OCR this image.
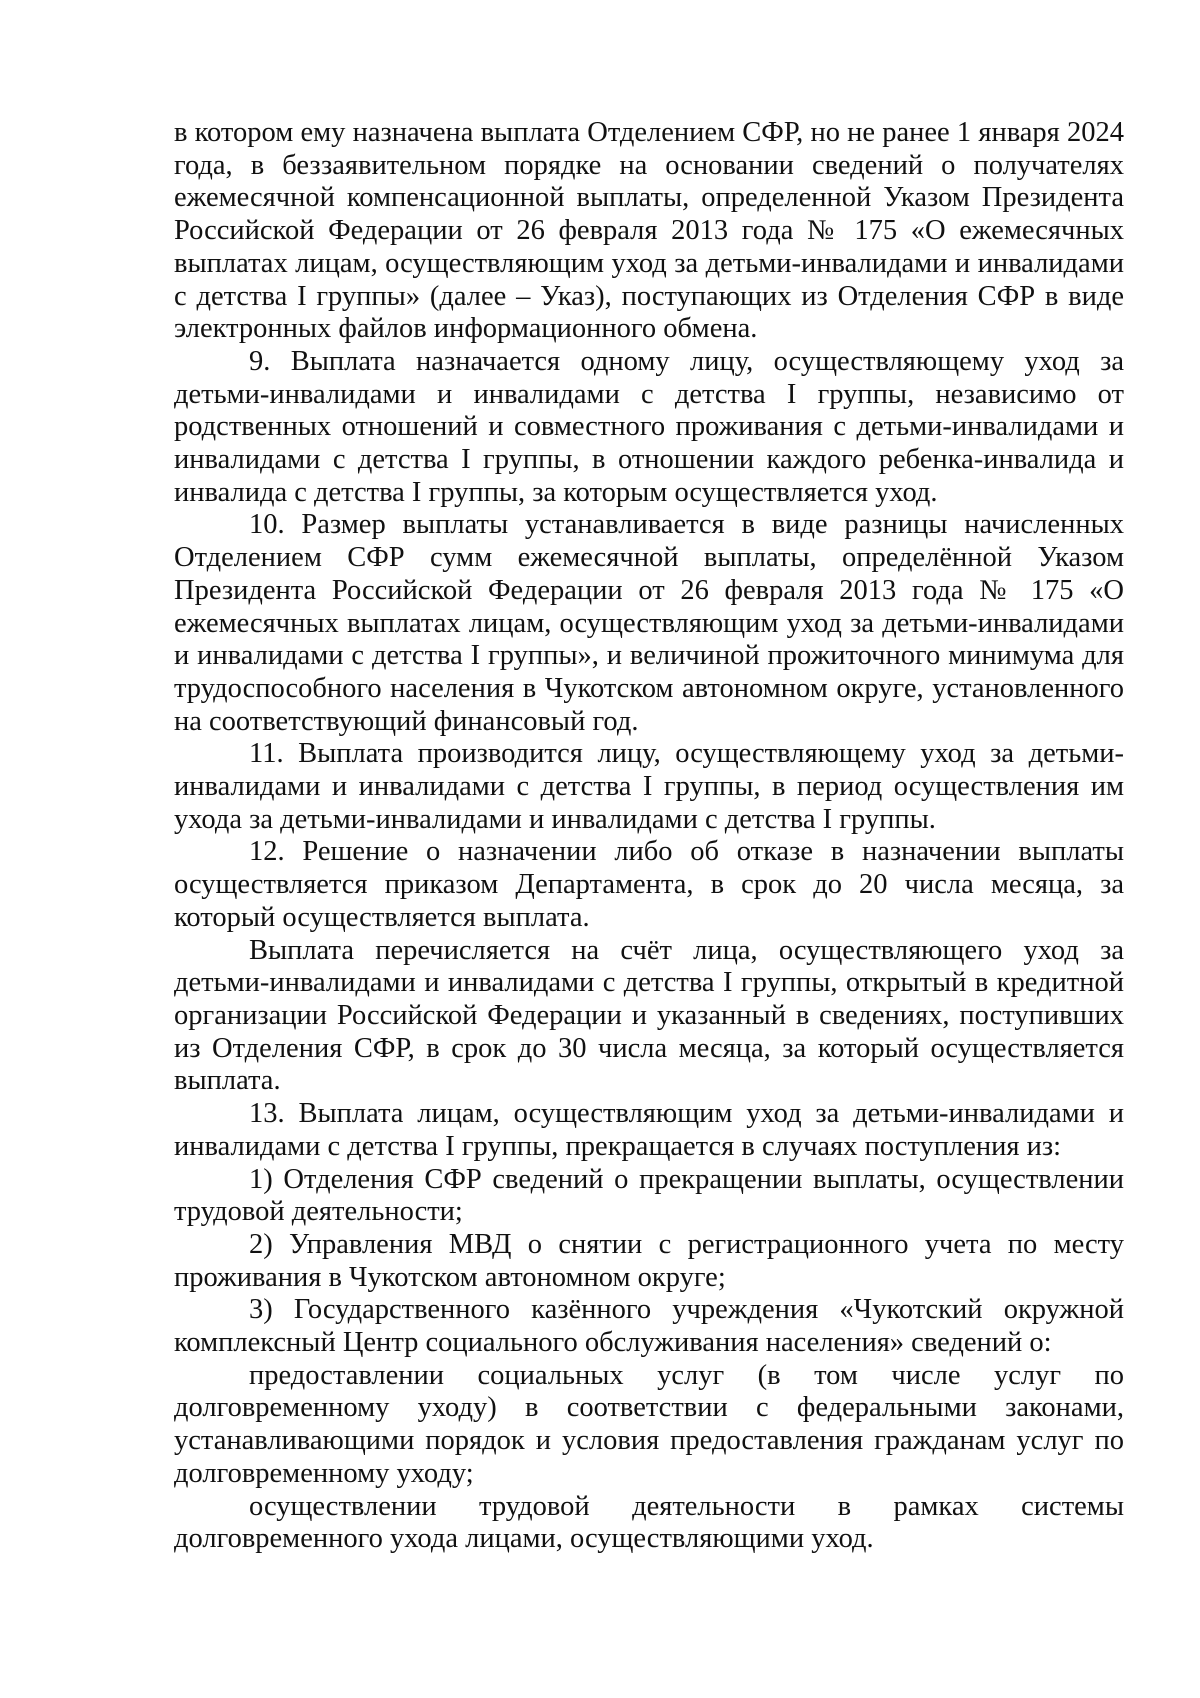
в котором ему назначена выплата Отделением СФР, но не ранее 1 января 2024 года, в беззаявительном порядке на основании сведений о получателях ежемесячной компенсационной выплаты, определенной Указом Президента Российской Федерации от 26 февраля 2013 года № 175 «О ежемесячных выплатах лицам, осуществляющим уход за детьми-инвалидами и инвалидами с детства I группы» (далее – Указ), поступающих из Отделения СФР в виде электронных файлов информационного обмена.

9. Выплата назначается одному лицу, осуществляющему уход за детьми-инвалидами и инвалидами с детства I группы, независимо от родственных отношений и совместного проживания с детьми-инвалидами и инвалидами с детства I группы, в отношении каждого ребенка-инвалида и инвалида с детства I группы, за которым осуществляется уход.

10. Размер выплаты устанавливается в виде разницы начисленных Отделением СФР сумм ежемесячной выплаты, определённой Указом Президента Российской Федерации от 26 февраля 2013 года № 175 «О ежемесячных выплатах лицам, осуществляющим уход за детьми-инвалидами и инвалидами с детства I группы», и величиной прожиточного минимума для трудоспособного населения в Чукотском автономном округе, установленного на соответствующий финансовый год.

11. Выплата производится лицу, осуществляющему уход за детьми-инвалидами и инвалидами с детства I группы, в период осуществления им ухода за детьми-инвалидами и инвалидами с детства I группы.

12. Решение о назначении либо об отказе в назначении выплаты осуществляется приказом Департамента, в срок до 20 числа месяца, за который осуществляется выплата.

Выплата перечисляется на счёт лица, осуществляющего уход за детьми-инвалидами и инвалидами с детства I группы, открытый в кредитной организации Российской Федерации и указанный в сведениях, поступивших из Отделения СФР, в срок до 30 числа месяца, за который осуществляется выплата.

13. Выплата лицам, осуществляющим уход за детьми-инвалидами и инвалидами с детства I группы, прекращается в случаях поступления из:

1) Отделения СФР сведений о прекращении выплаты, осуществлении трудовой деятельности;

2) Управления МВД о снятии с регистрационного учета по месту проживания в Чукотском автономном округе;

3) Государственного казённого учреждения «Чукотский окружной комплексный Центр социального обслуживания населения» сведений о:

предоставлении социальных услуг (в том числе услуг по долговременному уходу) в соответствии с федеральными законами, устанавливающими порядок и условия предоставления гражданам услуг по долговременному уходу;

осуществлении трудовой деятельности в рамках системы долговременного ухода лицами, осуществляющими уход.
